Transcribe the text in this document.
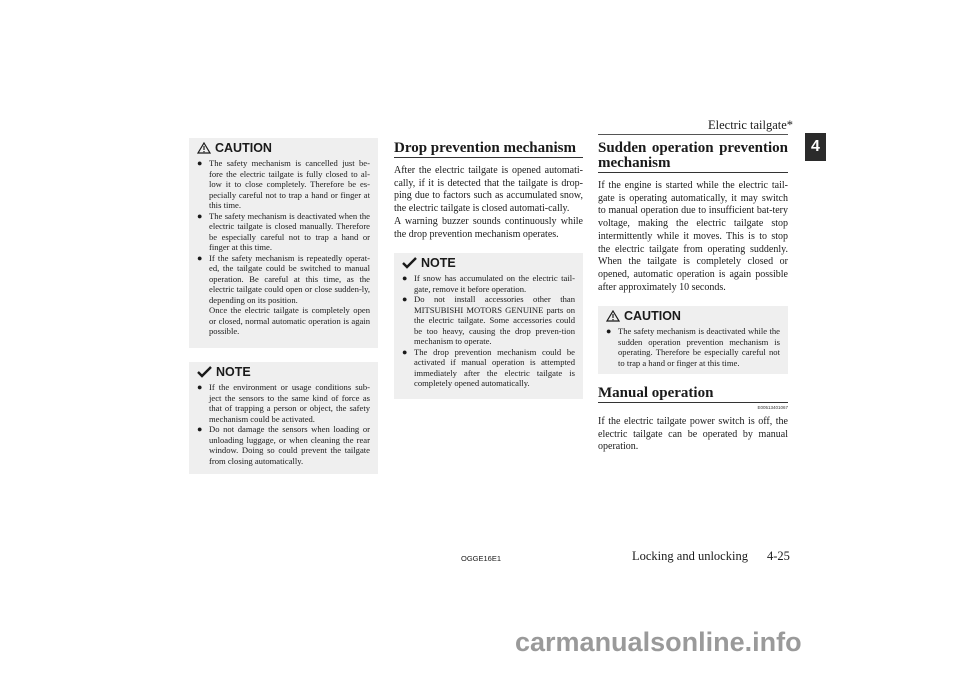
Electric tailgate*
4
CAUTION
● The safety mechanism is cancelled just be-fore the electric tailgate is fully closed to al-low it to close completely. Therefore be es-pecially careful not to trap a hand or finger at this time.
● The safety mechanism is deactivated when the electric tailgate is closed manually. Therefore be especially careful not to trap a hand or finger at this time.
● If the safety mechanism is repeatedly operat-ed, the tailgate could be switched to manual operation. Be careful at this time, as the electric tailgate could open or close sudden-ly, depending on its position.
Once the electric tailgate is completely open or closed, normal automatic operation is again possible.
NOTE
● If the environment or usage conditions sub-ject the sensors to the same kind of force as that of trapping a person or object, the safety mechanism could be activated.
● Do not damage the sensors when loading or unloading luggage, or when cleaning the rear window. Doing so could prevent the tailgate from closing automatically.
Drop prevention mechanism
After the electric tailgate is opened automati-cally, if it is detected that the tailgate is drop-ping due to factors such as accumulated snow, the electric tailgate is closed automati-cally.
A warning buzzer sounds continuously while the drop prevention mechanism operates.
NOTE
● If snow has accumulated on the electric tail-gate, remove it before operation.
● Do not install accessories other than MITSUBISHI MOTORS GENUINE parts on the electric tailgate. Some accessories could be too heavy, causing the drop preven-tion mechanism to operate.
● The drop prevention mechanism could be activated if manual operation is attempted immediately after the electric tailgate is completely opened automatically.
Sudden operation prevention mechanism
If the engine is started while the electric tail-gate is operating automatically, it may switch to manual operation due to insufficient bat-tery voltage, making the electric tailgate stop intermittently while it moves. This is to stop the electric tailgate from operating suddenly. When the tailgate is completely closed or opened, automatic operation is again possible after approximately 10 seconds.
CAUTION
● The safety mechanism is deactivated while the sudden operation prevention mechanism is operating. Therefore be especially careful not to trap a hand or finger at this time.
Manual operation
E00513401067
If the electric tailgate power switch is off, the electric tailgate can be operated by manual operation.
OGGE16E1	Locking and unlocking 4-25
carmanualsonline.info
